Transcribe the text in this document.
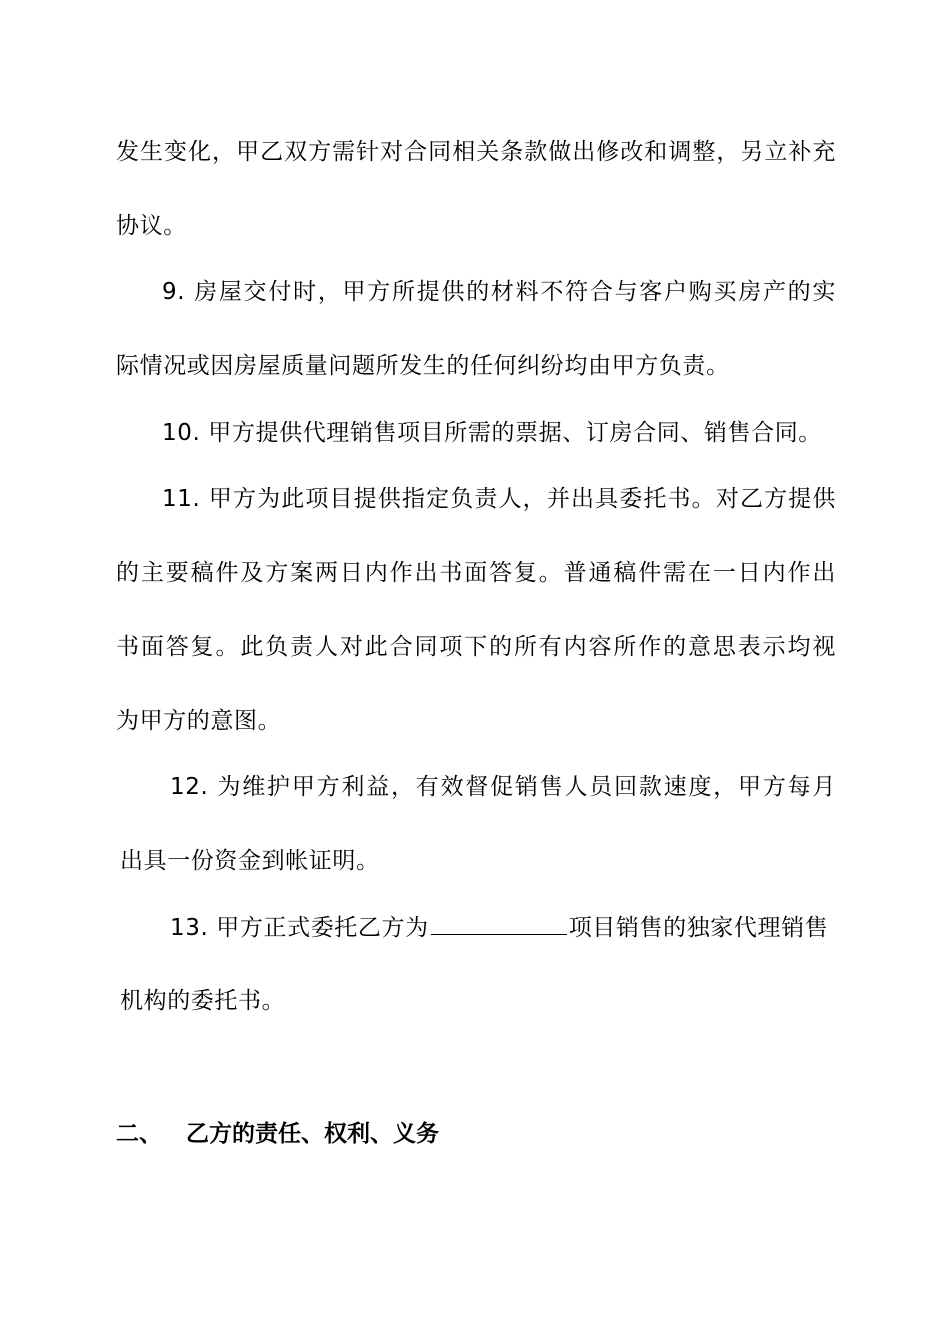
发生变化，甲乙双方需针对合同相关条款做出修改和调整，另立补充
协议。
9. 房屋交付时，甲方所提供的材料不符合与客户购买房产的实
际情况或因房屋质量问题所发生的任何纠纷均由甲方负责。
10. 甲方提供代理销售项目所需的票据、订房合同、销售合同。
11. 甲方为此项目提供指定负责人，并出具委托书。对乙方提供
的主要稿件及方案两日内作出书面答复。普通稿件需在一日内作出
书面答复。此负责人对此合同项下的所有内容所作的意思表示均视
为甲方的意图。
12. 为维护甲方利益，有效督促销售人员回款速度，甲方每月
出具一份资金到帐证明。
13. 甲方正式委托乙方为	项目销售的独家代理销售
机构的委托书。
二、 乙方的责任、权利、义务
